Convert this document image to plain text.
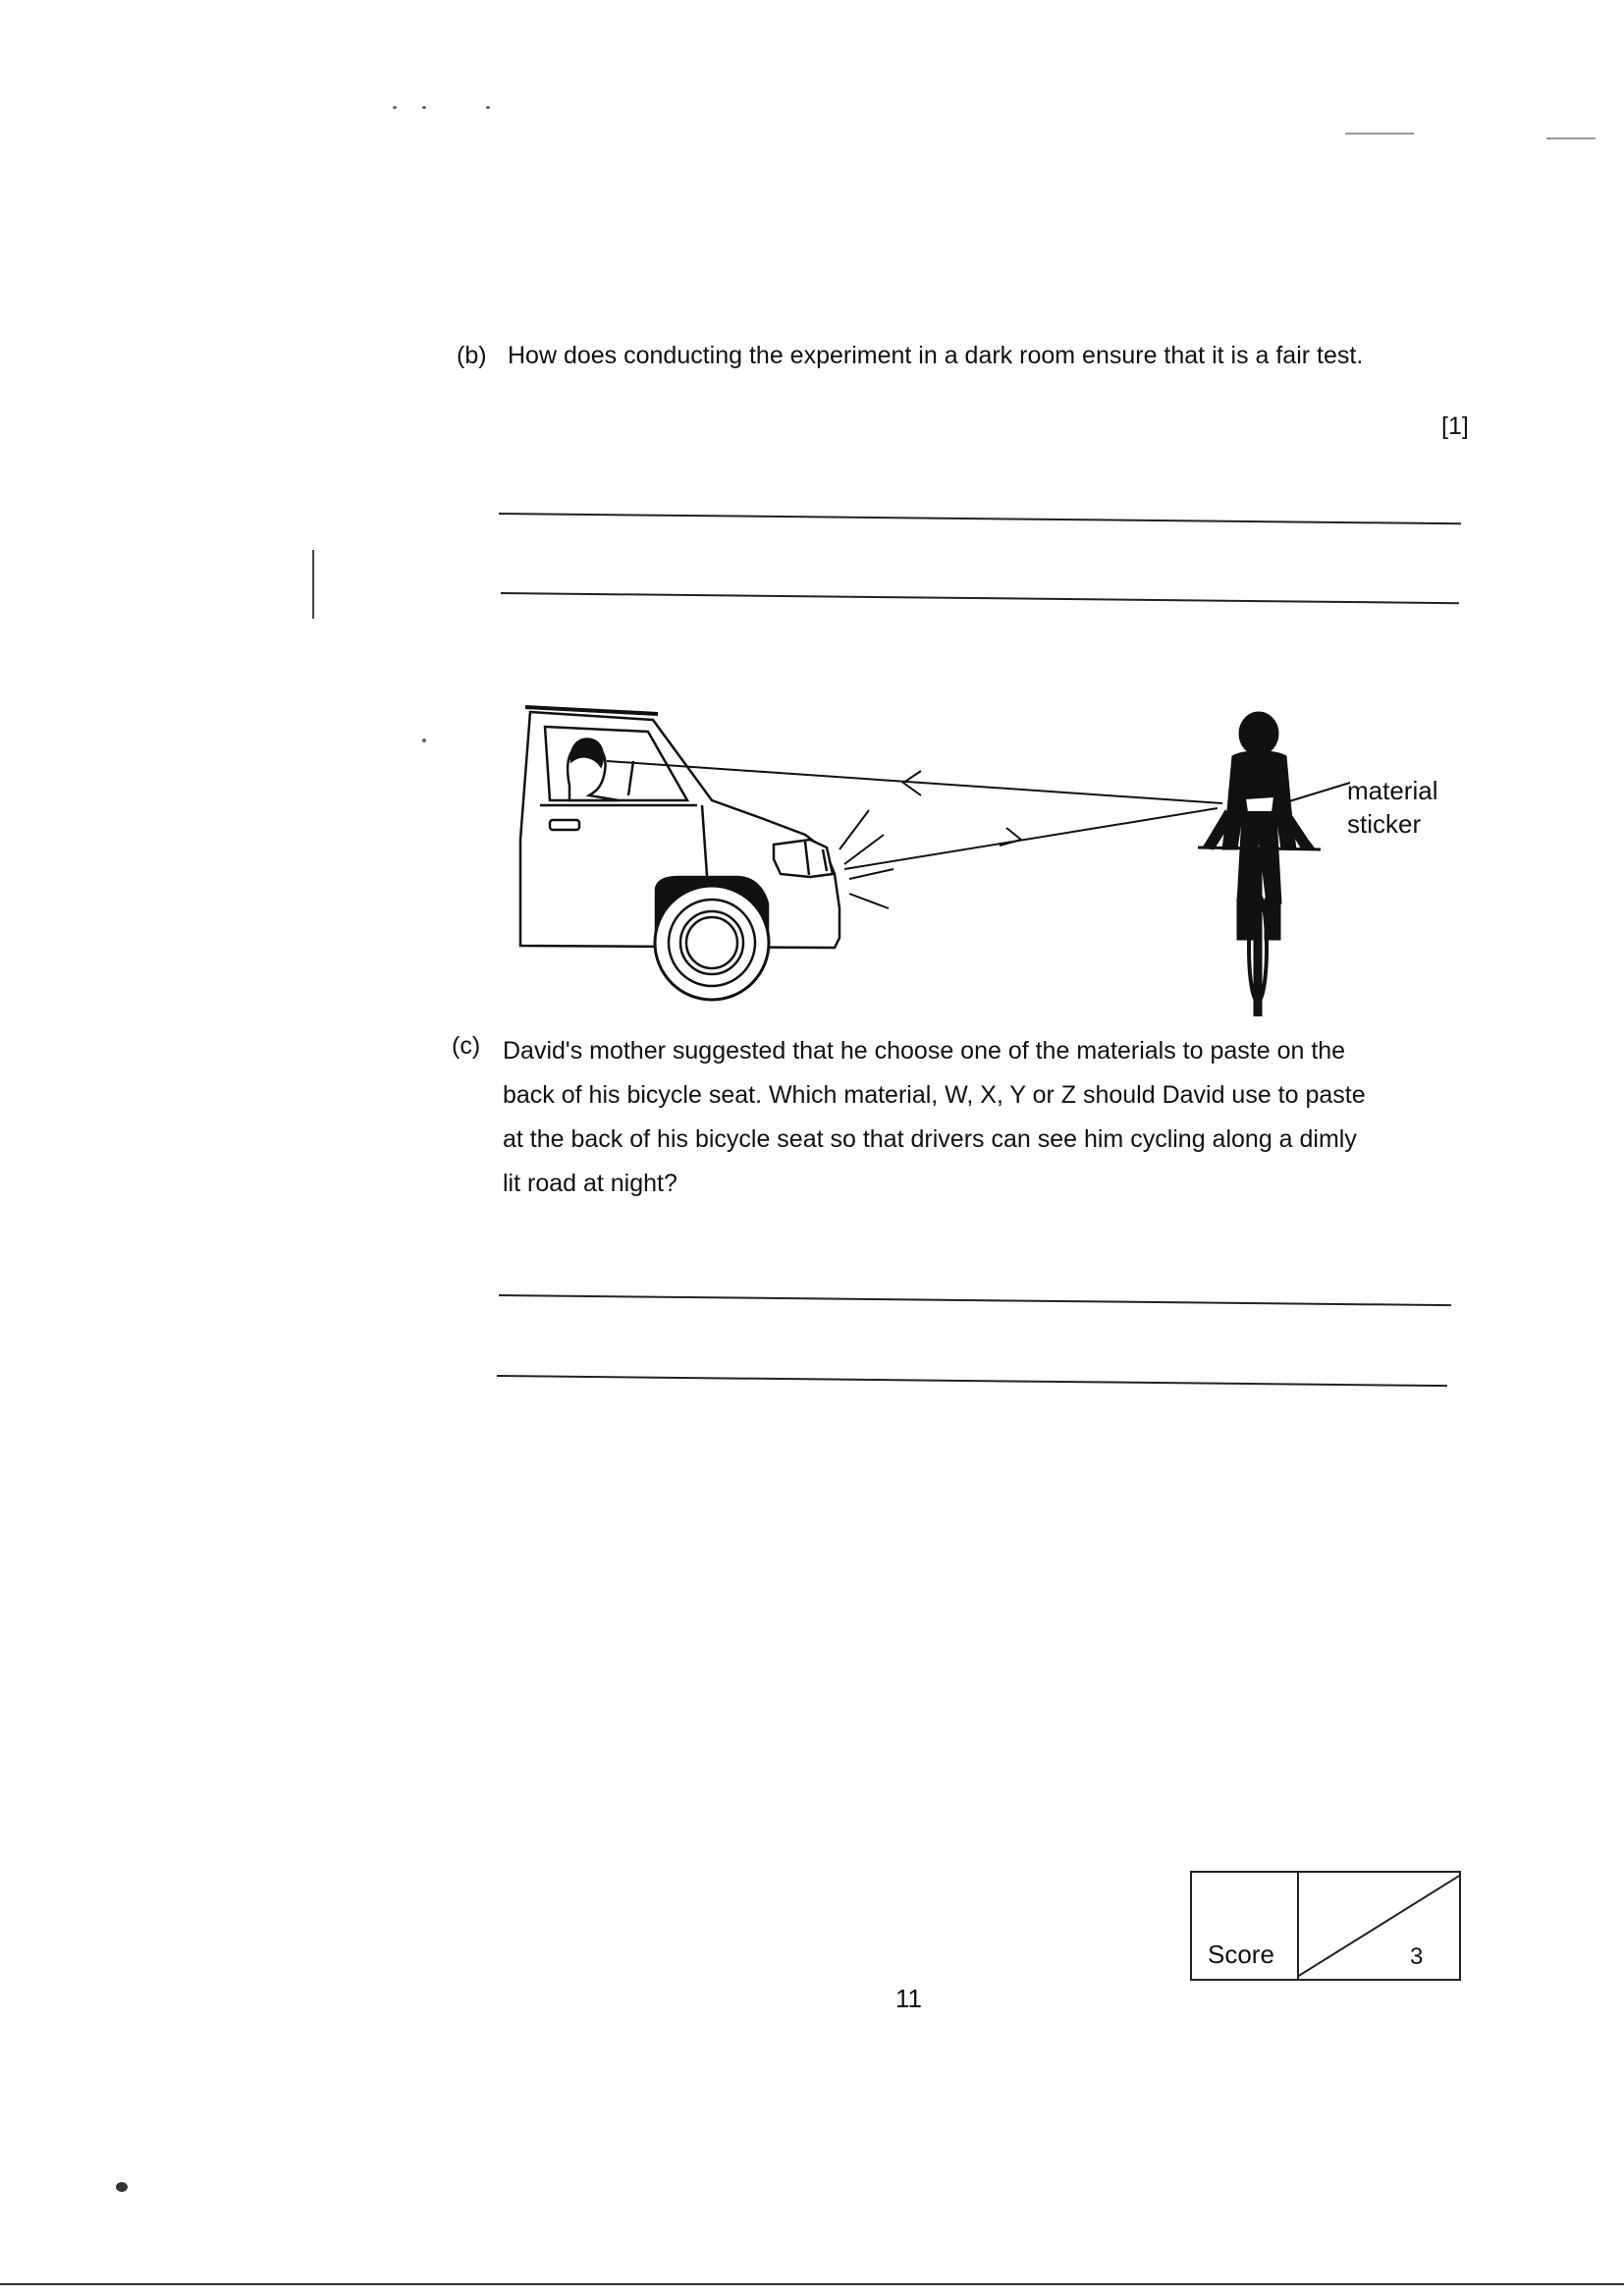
(b) How does conducting the experiment in a dark room ensure that it is a fair test.
[1]
material
sticker
(c) David's mother suggested that he choose one of the materials to paste on the
back of his bicycle seat. Which material, W, X, Y or Z should David use to paste
at the back of his bicycle seat so that drivers can see him cycling along a dimly
lit road at night?
Score	3
11
